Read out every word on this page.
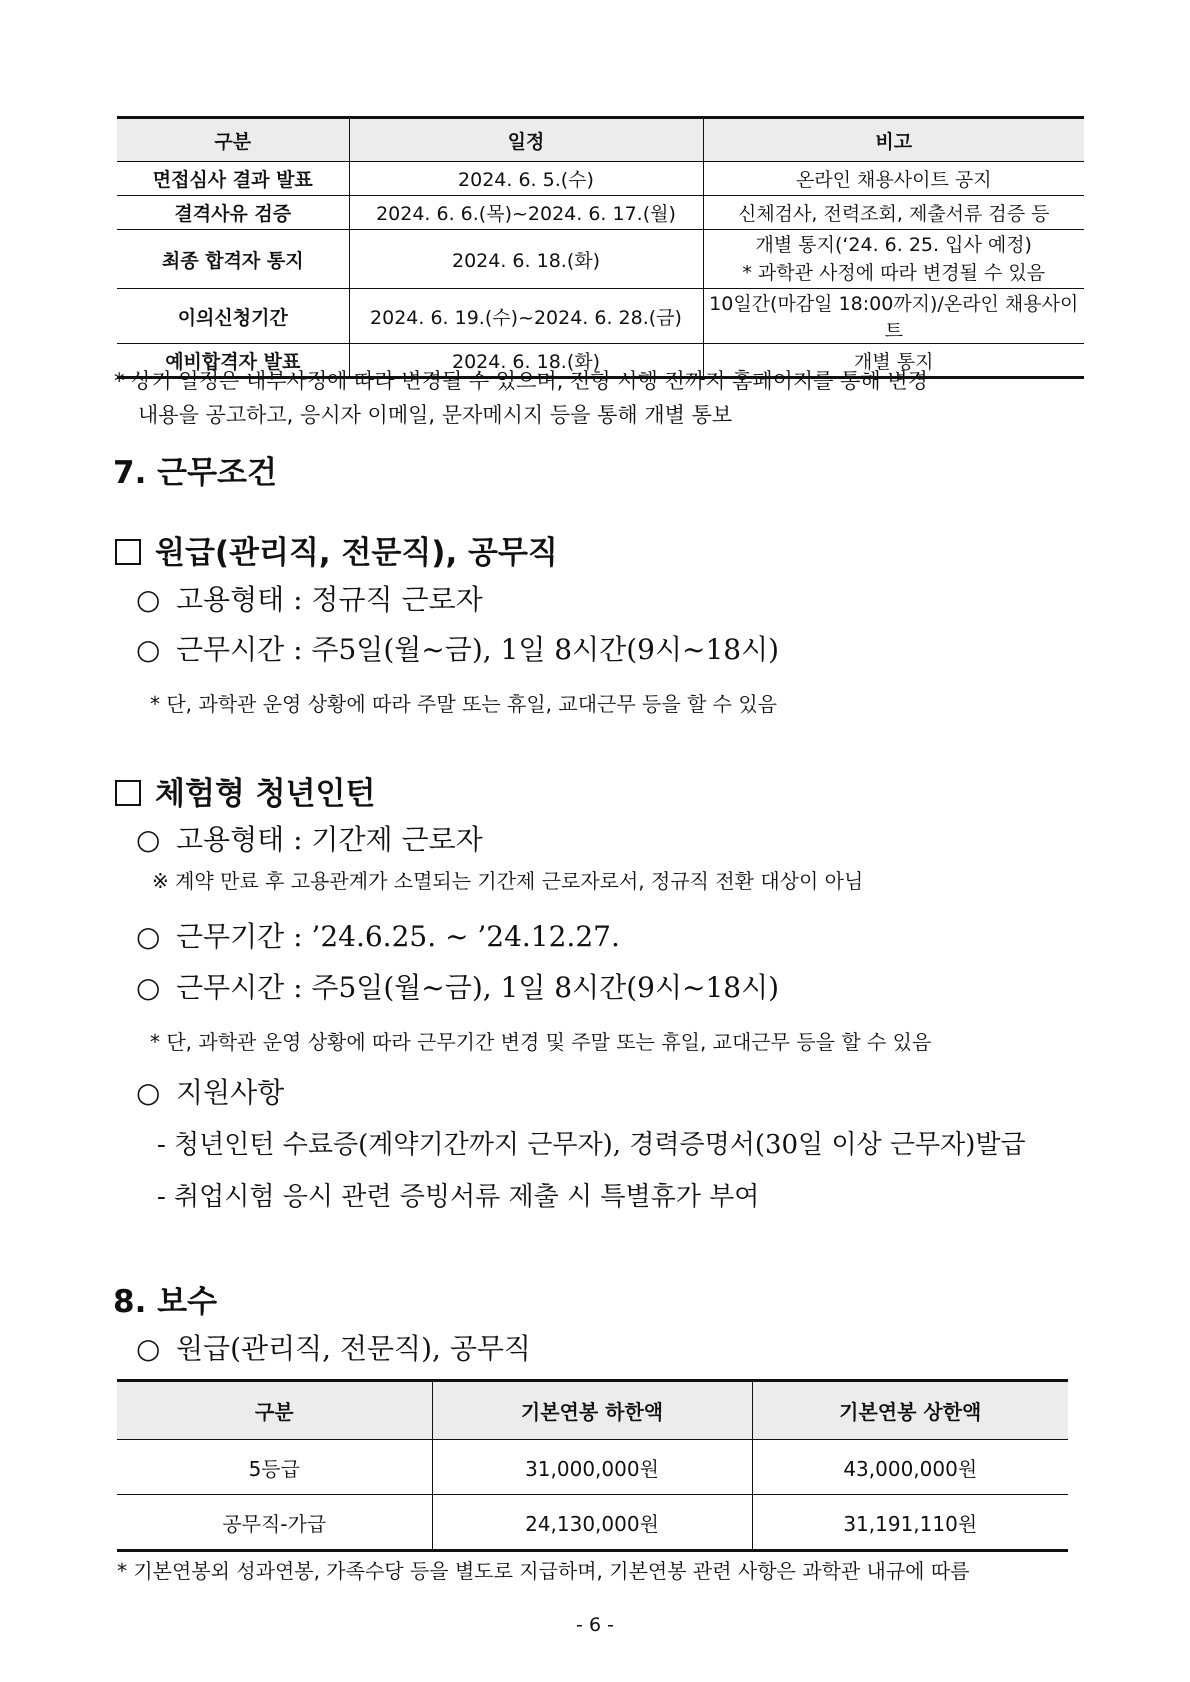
구분	일정	비고
면접심사 결과 발표	2024. 6. 5.(수)	온라인 채용사이트 공지
결격사유 검증	2024. 6. 6.(목)~2024. 6. 17.(월)	신체검사, 전력조회, 제출서류 검증 등
최종 합격자 통지	2024. 6. 18.(화)	개별 통지(‘24. 6. 25. 입사 예정)
* 과학관 사정에 따라 변경될 수 있음

이의신청기간	2024. 6. 19.(수)~2024. 6. 28.(금)	10일간(마감일 18:00까지)/온라인 채용사이트
예비합격자 발표	2024. 6. 18.(화)	개별 통지
* 상기 일정은 내부사정에 따라 변경될 수 있으며, 전형 시행 전까지 홈페이지를 통해 변경
내용을 공고하고, 응시자 이메일, 문자메시지 등을 통해 개별 통보
7. 근무조건
원급(관리직, 전문직), 공무직
○ 고용형태 : 정규직 근로자
○ 근무시간 : 주5일(월~금), 1일 8시간(9시~18시)
* 단, 과학관 운영 상황에 따라 주말 또는 휴일, 교대근무 등을 할 수 있음
체험형 청년인턴
○ 고용형태 : 기간제 근로자
※ 계약 만료 후 고용관계가 소멸되는 기간제 근로자로서, 정규직 전환 대상이 아님
○ 근무기간 : ’24.6.25. ~ ’24.12.27.
○ 근무시간 : 주5일(월~금), 1일 8시간(9시~18시)
* 단, 과학관 운영 상황에 따라 근무기간 변경 및 주말 또는 휴일, 교대근무 등을 할 수 있음
○ 지원사항
- 청년인턴 수료증(계약기간까지 근무자), 경력증명서(30일 이상 근무자)발급
- 취업시험 응시 관련 증빙서류 제출 시 특별휴가 부여
8. 보수
○ 원급(관리직, 전문직), 공무직
구분	기본연봉 하한액	기본연봉 상한액
5등급	31,000,000원	43,000,000원
공무직-가급	24,130,000원	31,191,110원
* 기본연봉외 성과연봉, 가족수당 등을 별도로 지급하며, 기본연봉 관련 사항은 과학관 내규에 따름
- 6 -
